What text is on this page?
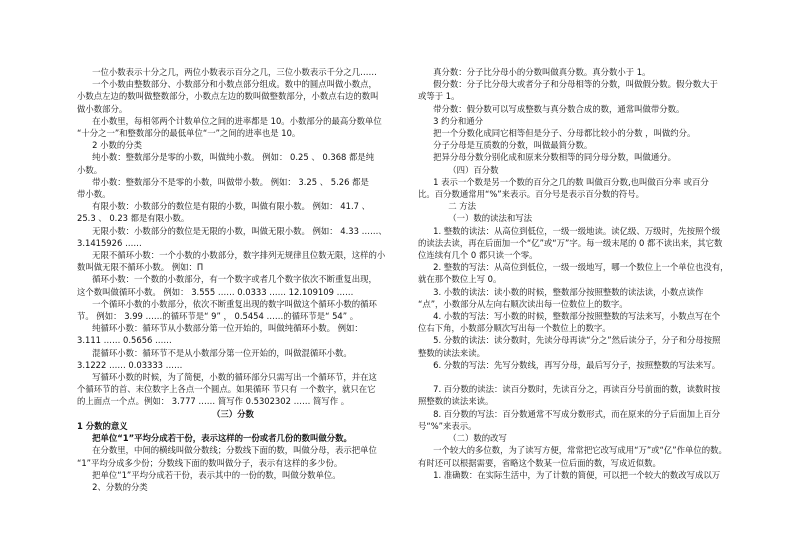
一位小数表示十分之几，两位小数表示百分之几，三位小数表示千分之几……

一个小数由整数部分、小数部分和小数点部分组成。数中的圆点叫做小数点，

小数点左边的数叫做整数部分，小数点左边的数叫做整数部分，小数点右边的数叫

做小数部分。

在小数里，每相邻两个计数单位之间的进率都是 10。小数部分的最高分数单位

“十分之一”和整数部分的最低单位“一”之间的进率也是 10。

2 小数的分类

纯小数：整数部分是零的小数，叫做纯小数。 例如： 0.25 、 0.368 都是纯

小数。

带小数：整数部分不是零的小数，叫做带小数。 例如： 3.25 、 5.26 都是

带小数。

有限小数：小数部分的数位是有限的小数，叫做有限小数。 例如： 41.7 、

25.3 、 0.23 都是有限小数。

无限小数：小数部分的数位是无限的小数，叫做无限小数。 例如： 4.33 ……、

3.1415926 ……

无限不循环小数：一个小数的小数部分，数字排列无规律且位数无限，这样的小

数叫做无限不循环小数。 例如：Π

循环小数：一个数的小数部分，有一个数字或者几个数字依次不断重复出现，

这个数叫做循环小数。 例如： 3.555 …… 0.0333 …… 12.109109 ……

一个循环小数的小数部分，依次不断重复出现的数字叫做这个循环小数的循环

节。 例如： 3.99 ……的循环节是“ 9” ， 0.5454 ……的循环节是“ 54” 。

纯循环小数：循环节从小数部分第一位开始的，叫做纯循环小数。 例如：

3.111 …… 0.5656 ……

混循环小数：循环节不是从小数部分第一位开始的，叫做混循环小数。

3.1222 …… 0.03333 ……

写循环小数的时候，为了简便，小数的循环部分只需写出一个循环节，并在这

个循环节的首、末位数字上各点一个圆点。如果循环 节只有 一个数字，就只在它

的上面点一个点。例如： 3.777 …… 简写作 0.5302302 …… 简写作 。

（三）分数

1 分数的意义

把单位“1”平均分成若干份，表示这样的一份或者几份的数叫做分数。

在分数里，中间的横线叫做分数线；分数线下面的数，叫做分母，表示把单位

“1”平均分成多少份；分数线下面的数叫做分子，表示有这样的多少份。

把单位“1”平均分成若干份，表示其中的一份的数，叫做分数单位。

2、分数的分类

真分数：分子比分母小的分数叫做真分数。真分数小于 1。

假分数：分子比分母大或者分子和分母相等的分数，叫做假分数。假分数大于

或等于 1。

带分数：假分数可以写成整数与真分数合成的数，通常叫做带分数。

3 约分和通分

把一个分数化成同它相等但是分子、分母都比较小的分数 ，叫做约分。

分子分母是互质数的分数，叫做最简分数。

把异分母分数分别化成和原来分数相等的同分母分数，叫做通分。

（四）百分数

1 表示一个数是另一个数的百分之几的数 叫做百分数,也叫做百分率 或百分

比。百分数通常用“%”来表示。百分号是表示百分数的符号。

二 方法

（一）数的读法和写法

1. 整数的读法：从高位到低位，一级一级地读。读亿级、万级时，先按照个级

的读法去读，再在后面加一个“亿”或“万”字。每一级末尾的 0 都不读出来，其它数

位连续有几个 0 都只读一个零。

2. 整数的写法：从高位到低位，一级一级地写，哪一个数位上一个单位也没有，

就在那个数位上写 0。

3. 小数的读法：读小数的时候，整数部分按照整数的读法读，小数点读作

“点”，小数部分从左向右顺次读出每一位数位上的数字。

4. 小数的写法：写小数的时候，整数部分按照整数的写法来写，小数点写在个

位右下角，小数部分顺次写出每一个数位上的数字。

5. 分数的读法：读分数时，先读分母再读“分之”然后读分子，分子和分母按照

整数的读法来读。

6. 分数的写法：先写分数线，再写分母，最后写分子，按照整数的写法来写。

7. 百分数的读法：读百分数时，先读百分之，再读百分号前面的数，读数时按

照整数的读法来读。

8. 百分数的写法：百分数通常不写成分数形式，而在原来的分子后面加上百分

号“%”来表示。

（二）数的改写

一个较大的多位数，为了读写方便，常常把它改写成用“万”或“亿”作单位的数。

有时还可以根据需要，省略这个数某一位后面的数，写成近似数。

1. 准确数：在实际生活中，为了计数的简便，可以把一个较大的数改写成以万
